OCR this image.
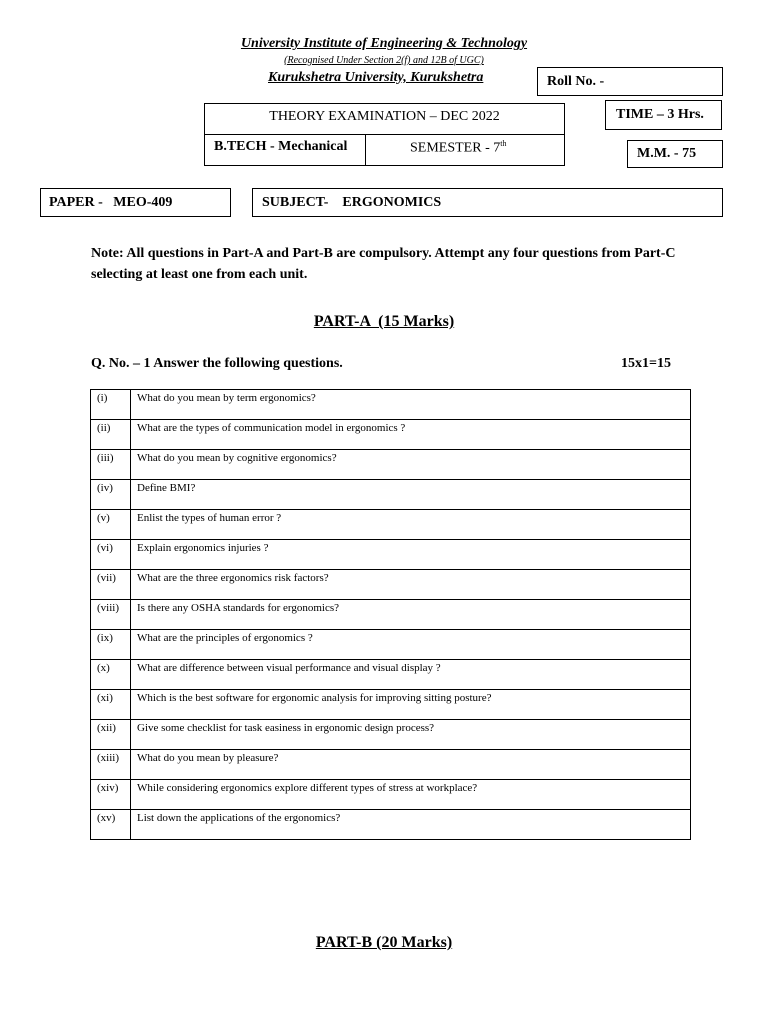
University Institute of Engineering & Technology
(Recognised Under Section 2(f) and 12B of UGC)
Kurukshetra University, Kurukshetra	Roll No. -
TIME – 3 Hrs.
M.M. - 75
THEORY EXAMINATION – DEC 2022
B.TECH - Mechanical	SEMESTER - 7th
PAPER - MEO-409	SUBJECT- ERGONOMICS
Note: All questions in Part-A and Part-B are compulsory. Attempt any four questions from Part-C selecting at least one from each unit.
PART-A  (15 Marks)
Q. No. – 1 Answer the following questions.	15x1=15
(i)	What do you mean by term ergonomics?
(ii)	What are the types of communication model in ergonomics ?
(iii)	What do you mean by cognitive ergonomics?
(iv)	Define BMI?
(v)	Enlist the types of human error ?
(vi)	Explain ergonomics injuries ?
(vii)	What are the three ergonomics risk factors?
(viii)	Is there any OSHA standards for ergonomics?
(ix)	What are the principles of ergonomics ?
(x)	What are difference between visual performance and visual display ?
(xi)	Which is the best software for ergonomic analysis for improving sitting posture?
(xii)	Give some checklist for task easiness in ergonomic design process?
(xiii)	What do you mean by pleasure?
(xiv)	While considering ergonomics explore different types of stress at workplace?
(xv)	List down the applications of the ergonomics?
PART-B (20 Marks)
